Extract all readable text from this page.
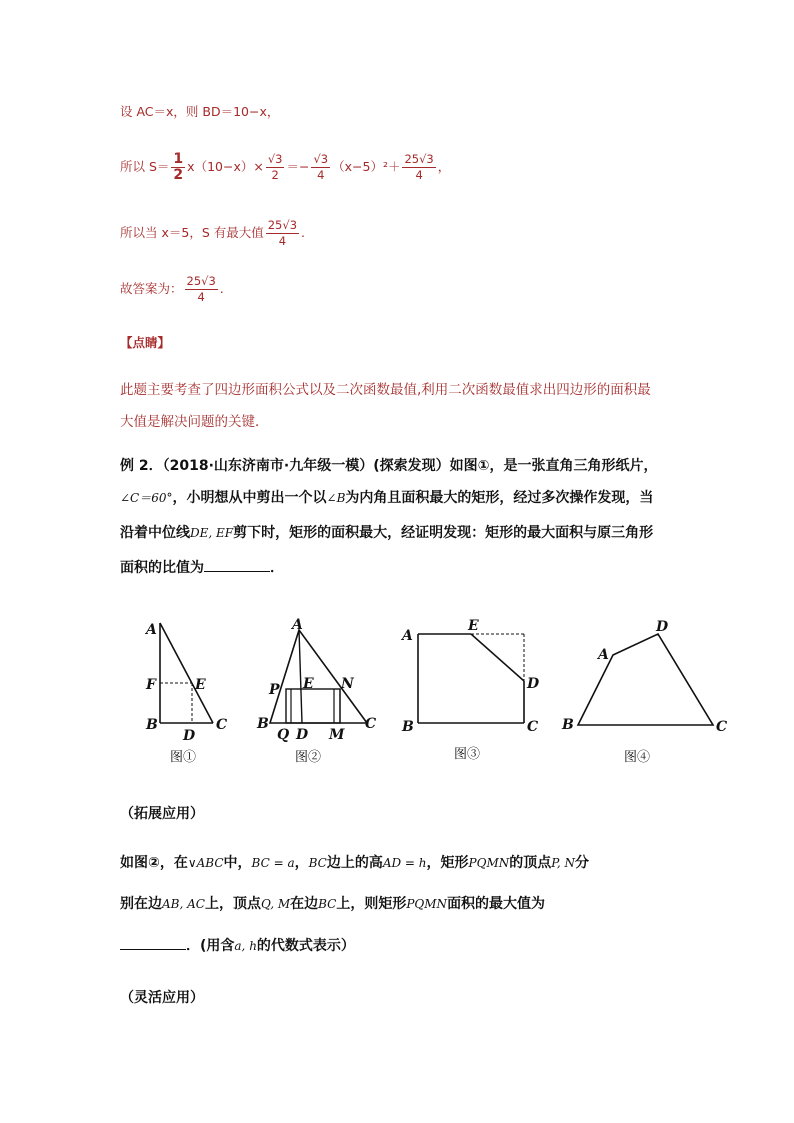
设 AC＝x，则 BD＝10−x，
所以 $S= \frac{1}{2} x(10-x)\times \frac{√3}{2} =- \frac{√3}{4} (x-5)^2+ \frac{25√3}{4}$ ，
所以当 x＝5，S 有最大值 $\frac{25√3}{4}$ .
故答案为： $\frac{25√3}{4}$ .
【点睛】
此题主要考查了四边形面积公式以及二次函数最值,利用二次函数最值求出四边形的面积最
大值是解决问题的关键．
例 2．（2018·山东济南市·九年级一模）(探索发现）如图①，是一张直角三角形纸片，
∠C＝60°，小明想从中剪出一个以∠B为内角且面积最大的矩形，经过多次操作发现，当
沿着中位线DE, EF剪下时，矩形的面积最大，经证明发现：矩形的最大面积与原三角形
面积的比值为	．
A
F	E
B
D
C
图①
A
P E N
B
Q D M
C
图②
A
E
D
B	C
图③
D
A
B	C
图④
（拓展应用）
如图②，在∨ABC中，BC = a，BC边上的高AD = h，矩形PQMN的顶点P, N分
别在边AB, AC上，顶点Q, M在边BC上，则矩形PQMN面积的最大值为
．(用含a, h的代数式表示）
（灵活应用）
